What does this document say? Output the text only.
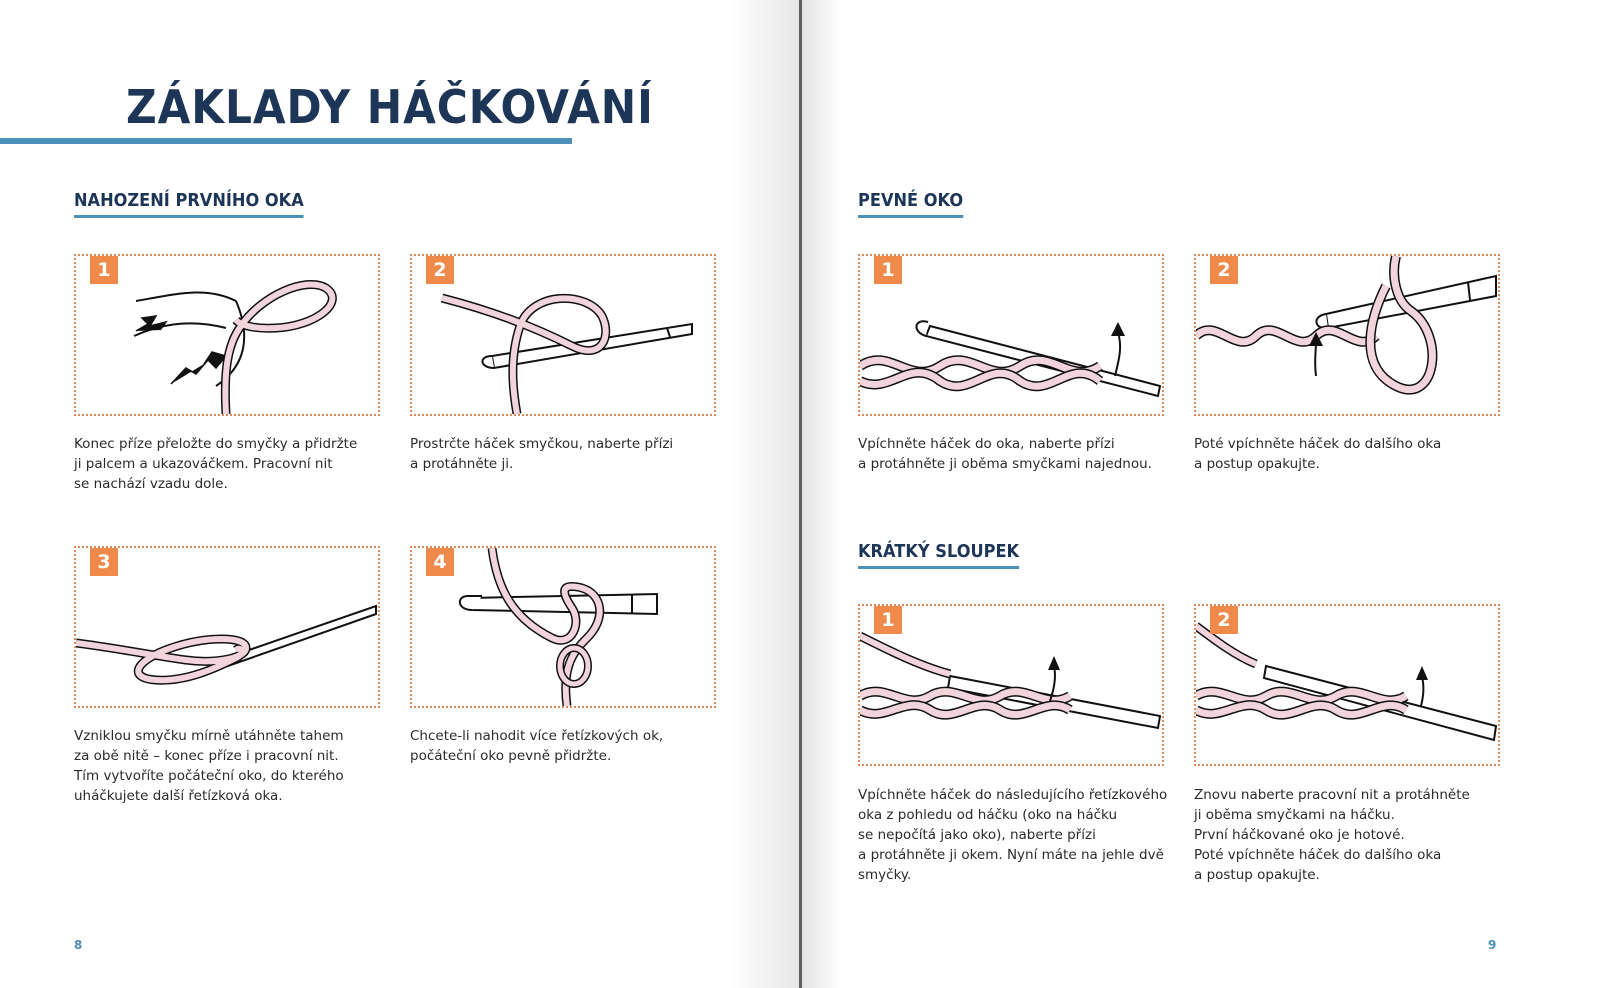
ZÁKLADY HÁČKOVÁNÍ
NAHOZENÍ PRVNÍHO OKA
1

Konec příze přeložte do smyčky a přidržte
ji palcem a ukazováčkem. Pracovní nit
se nachází vzadu dole.

2

Prostrčte háček smyčkou, naberte přízi
a protáhněte ji.

3

Vzniklou smyčku mírně utáhněte tahem
za obě nitě – konec příze i pracovní nit.
Tím vytvoříte počáteční oko, do kterého
uháčkujete další řetízková oka.

4

Chcete-li nahodit více řetízkových ok,
počáteční oko pevně přidržte.

8

PEVNÉ OKO
1

Vpíchněte háček do oka, naberte přízi
a protáhněte ji oběma smyčkami najednou.

2

Poté vpíchněte háček do dalšího oka
a postup opakujte.

KRÁTKÝ SLOUPEK
1

Vpíchněte háček do následujícího řetízkového
oka z pohledu od háčku (oko na háčku
se nepočítá jako oko), naberte přízi
a protáhněte ji okem. Nyní máte na jehle dvě
smyčky.

2

Znovu naberte pracovní nit a protáhněte
ji oběma smyčkami na háčku.
První háčkované oko je hotové.
Poté vpíchněte háček do dalšího oka
a postup opakujte.

9
